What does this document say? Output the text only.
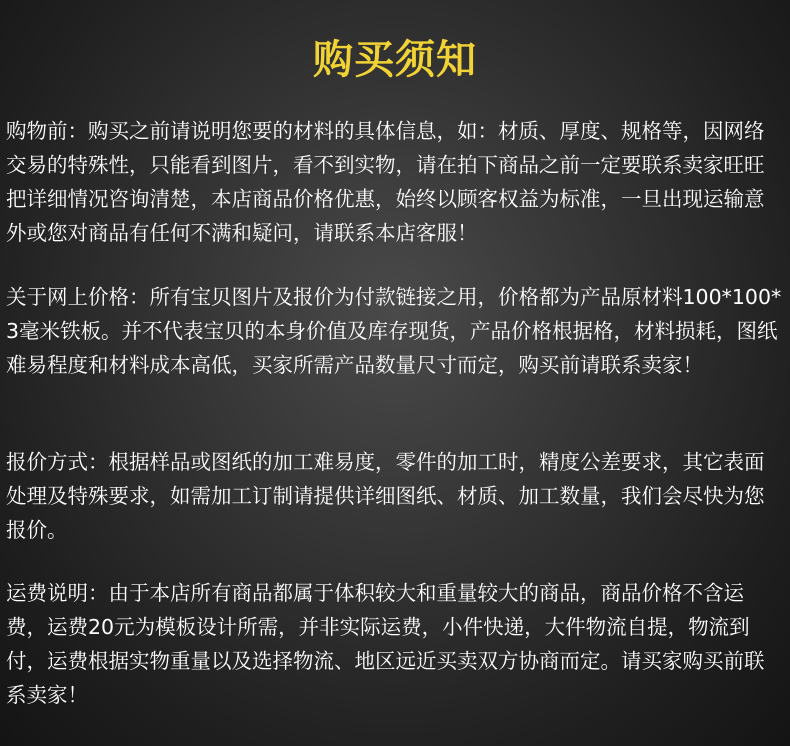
购买须知
购物前：购买之前请说明您要的材料的具体信息，如：材质、厚度、规格等，因网络交易的特殊性，只能看到图片，看不到实物，请在拍下商品之前一定要联系卖家旺旺把详细情况咨询清楚，本店商品价格优惠，始终以顾客权益为标准，一旦出现运输意外或您对商品有任何不满和疑问，请联系本店客服！
关于网上价格：所有宝贝图片及报价为付款链接之用，价格都为产品原材料100*100*3毫米铁板。并不代表宝贝的本身价值及库存现货，产品价格根据格，材料损耗，图纸难易程度和材料成本高低，买家所需产品数量尺寸而定，购买前请联系卖家！
报价方式：根据样品或图纸的加工难易度，零件的加工时，精度公差要求，其它表面处理及特殊要求，如需加工订制请提供详细图纸、材质、加工数量，我们会尽快为您报价。
运费说明：由于本店所有商品都属于体积较大和重量较大的商品，商品价格不含运费，运费20元为模板设计所需，并非实际运费，小件快递，大件物流自提，物流到付，运费根据实物重量以及选择物流、地区远近买卖双方协商而定。请买家购买前联系卖家！
